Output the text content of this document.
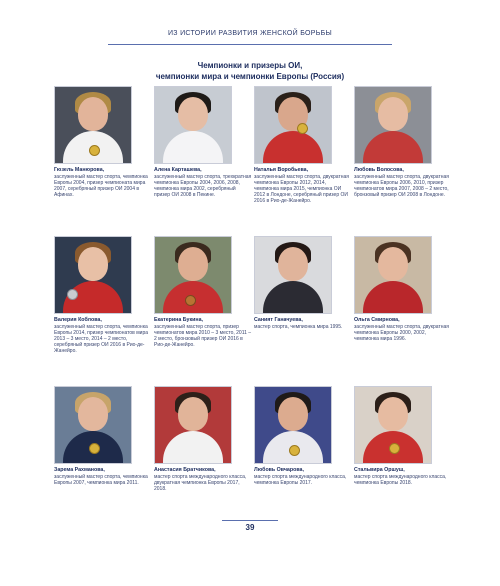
ИЗ ИСТОРИИ РАЗВИТИЯ ЖЕНСКОЙ БОРЬБЫ
Чемпионки и призеры ОИ,
чемпионки мира и чемпионки Европы (Россия)
Гюзель Манюрова,
заслуженный мастер спорта, чемпионка Европы 2004, призер чемпионата мира 2007, серебряный призер ОИ 2004 в Афинах.
Алена Карташева,
заслуженный мастер спорта, трехкратная чемпионка Европы 2004, 2006, 2008, чемпионка мира 2002, серебряный призер ОИ 2008 в Пекине.
Наталья Воробьева,
заслуженный мастер спорта, двукратная чемпионка Европы 2012, 2014, чемпионка мира 2015, чемпионка ОИ 2012 в Лондоне, серебряный призер ОИ 2016 в Рио-де-Жанейро.
Любовь Волосова,
заслуженный мастер спорта, двукратная чемпионка Европы 2006, 2010, призер чемпионатов мира 2007, 2008 – 2 место, бронзовый призер ОИ 2008 в Лондоне.
Валерия Коблова,
заслуженный мастер спорта, чемпионка Европы 2014, призер чемпионатов мира 2013 – 3 место, 2014 – 2 место, серебряный призер ОИ 2016 в Рио-де-Жанейро.
Екатерина Букина,
заслуженный мастер спорта, призер чемпионатов мира 2010 – 3 место, 2011 – 2 место, бронзовый призер ОИ 2016 в Рио-де-Жанейро.
Саният Ганачуева,
мастер спорта, чемпионка мира 1995.
Ольга Смирнова,
заслуженный мастер спорта, двукратная чемпионка Европы 2000, 2002, чемпионка мира 1996.
Зарема Рахманова,
заслуженный мастер спорта, чемпионка Европы 2007, чемпионка мира 2011.
Анастасия Братчикова,
мастер спорта международного класса, двукратная чемпионка Европы 2017, 2018.
Любовь Овчарова,
мастер спорта международного класса, чемпионка Европы 2017.
Стальвира Оршуш,
мастер спорта международного класса, чемпионка Европы 2018.
39
